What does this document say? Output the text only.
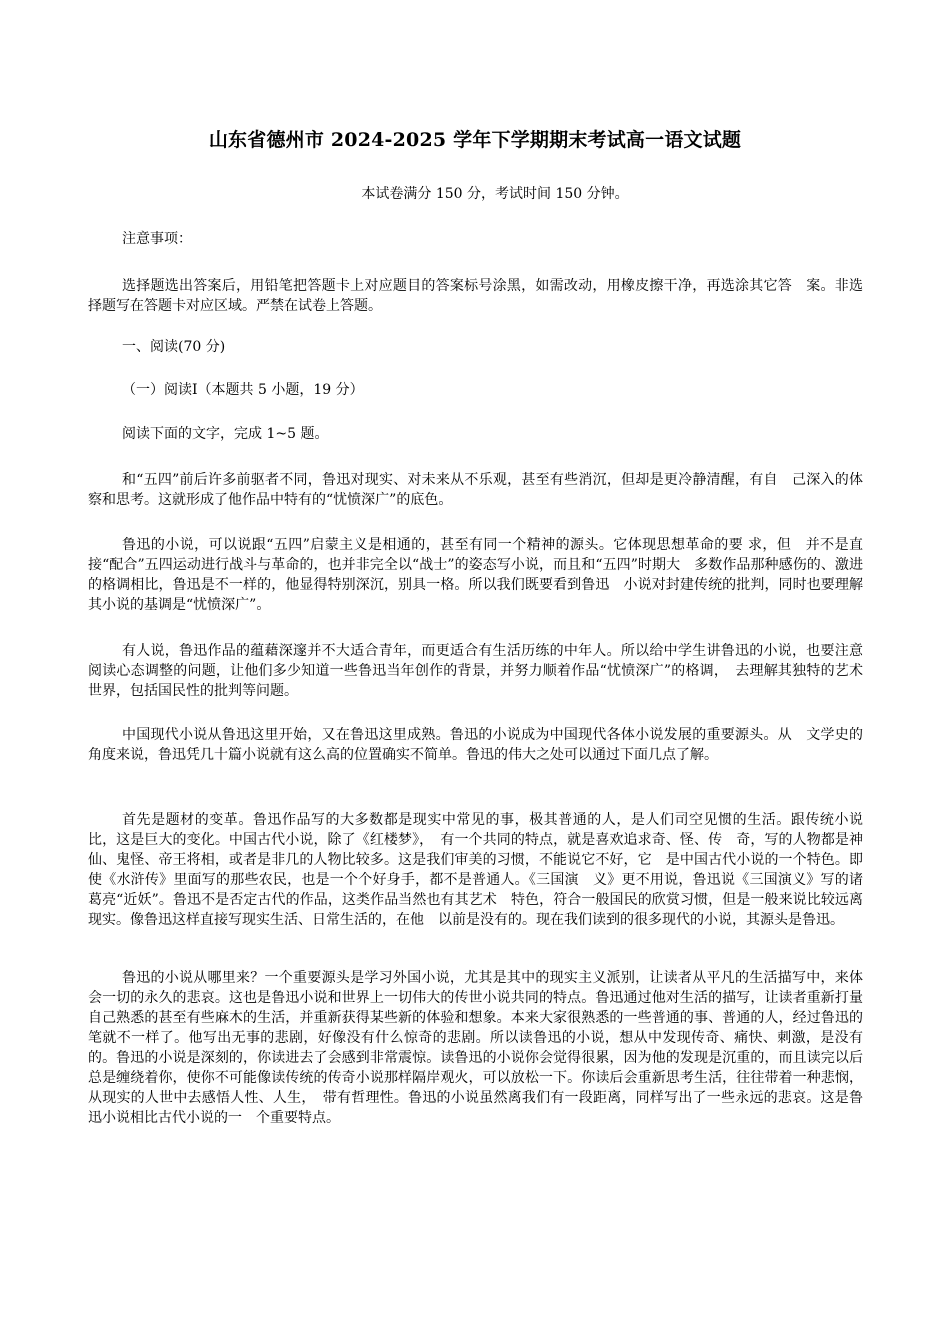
山东省德州市 2024-2025 学年下学期期末考试高一语文试题
本试卷满分 150 分，考试时间 150 分钟。
注意事项：

选择题选出答案后，用铅笔把答题卡上对应题目的答案标号涂黑，如需改动，用橡皮擦干净，再选涂其它答　案。非选择题写在答题卡对应区域。严禁在试卷上答题。

一、阅读(70 分)
（一）阅读Ⅰ（本题共 5 小题，19 分）
阅读下面的文字，完成 1~5 题。

和“五四”前后许多前驱者不同，鲁迅对现实、对未来从不乐观，甚至有些消沉，但却是更冷静清醒，有自　己深入的体察和思考。这就形成了他作品中特有的“忧愤深广”的底色。

鲁迅的小说，可以说跟“五四”启蒙主义是相通的，甚至有同一个精神的源头。它体现思想革命的要 求，但　并不是直接“配合”五四运动进行战斗与革命的，也并非完全以“战士”的姿态写小说，而且和“五四”时期大　多数作品那种感伤的、激进的格调相比，鲁迅是不一样的，他显得特别深沉，别具一格。所以我们既要看到鲁迅　小说对封建传统的批判，同时也要理解其小说的基调是“忧愤深广”。

有人说，鲁迅作品的蕴藉深邃并不大适合青年，而更适合有生活历练的中年人。所以给中学生讲鲁迅的小说，也要注意阅读心态调整的问题，让他们多少知道一些鲁迅当年创作的背景，并努力顺着作品“忧愤深广”的格调，　去理解其独特的艺术世界，包括国民性的批判等问题。

中国现代小说从鲁迅这里开始，又在鲁迅这里成熟。鲁迅的小说成为中国现代各体小说发展的重要源头。从　文学史的角度来说，鲁迅凭几十篇小说就有这么高的位置确实不简单。鲁迅的伟大之处可以通过下面几点了解。

首先是题材的变革。鲁迅作品写的大多数都是现实中常见的事，极其普通的人，是人们司空见惯的生活。跟传统小说比，这是巨大的变化。中国古代小说，除了《红楼梦》，　有一个共同的特点，就是喜欢追求奇、怪、传　奇，写的人物都是神仙、鬼怪、帝王将相，或者是非几的人物比较多。这是我们审美的习惯，不能说它不好，它　是中国古代小说的一个特色。即使《水浒传》里面写的那些农民，也是一个个好身手，都不是普通人。《三国演　义》更不用说，鲁迅说《三国演义》写的诸葛亮“近妖”。鲁迅不是否定古代的作品，这类作品当然也有其艺术　特色，符合一般国民的欣赏习惯，但是一般来说比较远离现实。像鲁迅这样直接写现实生活、日常生活的，在他　以前是没有的。现在我们读到的很多现代的小说，其源头是鲁迅。

鲁迅的小说从哪里来？一个重要源头是学习外国小说，尤其是其中的现实主义派别，让读者从平凡的生活描写中，来体会一切的永久的悲哀。这也是鲁迅小说和世界上一切伟大的传世小说共同的特点。鲁迅通过他对生活的描写，让读者重新打量自己熟悉的甚至有些麻木的生活，并重新获得某些新的体验和想象。本来大家很熟悉的一些普通的事、普通的人，经过鲁迅的笔就不一样了。他写出无事的悲剧，好像没有什么惊奇的悲剧。所以读鲁迅的小说，想从中发现传奇、痛快、刺激，是没有的。鲁迅的小说是深刻的，你读进去了会感到非常震惊。读鲁迅的小说你会觉得很累，因为他的发现是沉重的，而且读完以后总是缠绕着你，使你不可能像读传统的传奇小说那样隔岸观火，可以放松一下。你读后会重新思考生活，往往带着一种悲悯，从现实的人世中去感悟人性、人生，　带有哲理性。鲁迅的小说虽然离我们有一段距离，同样写出了一些永远的悲哀。这是鲁迅小说相比古代小说的一　个重要特点。
